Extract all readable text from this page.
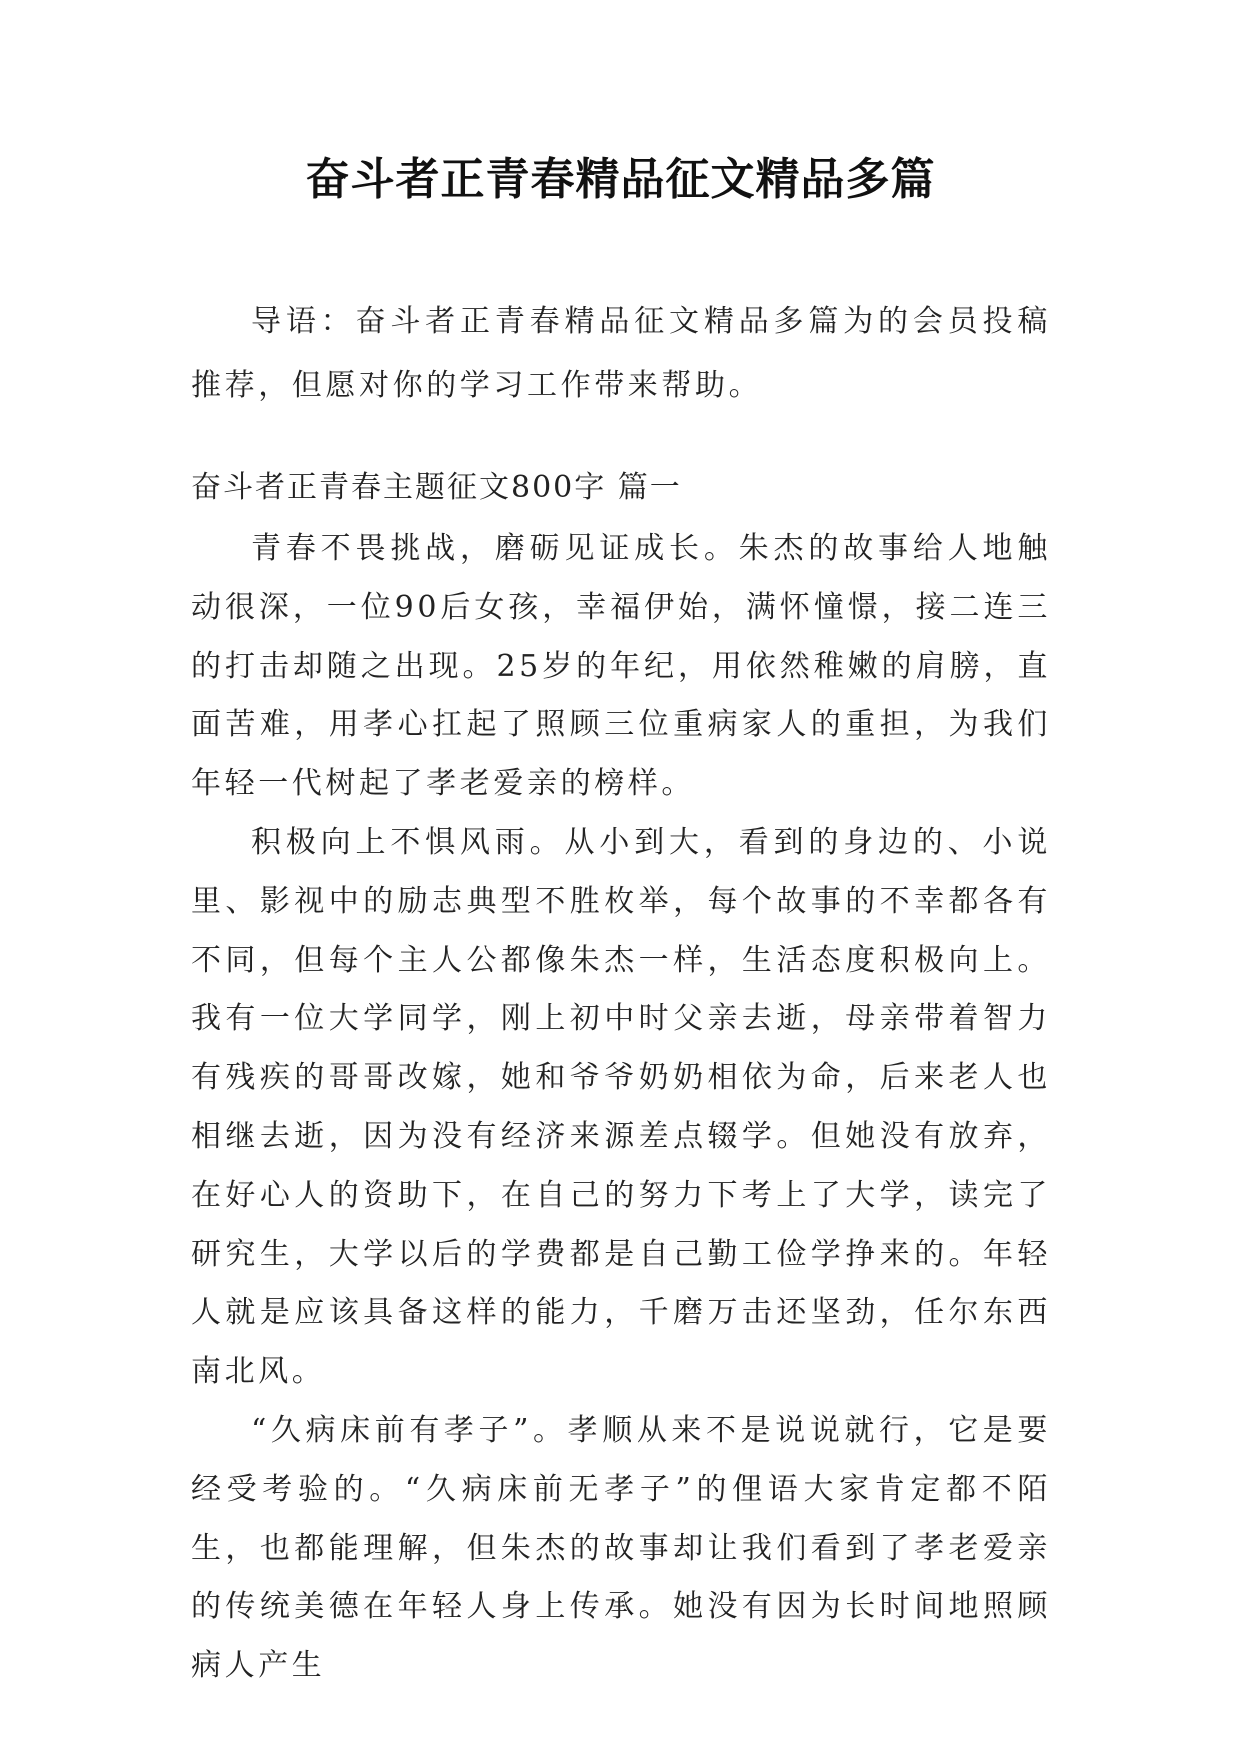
奋斗者正青春精品征文精品多篇

导语：奋斗者正青春精品征文精品多篇为的会员投稿推荐，但愿对你的学习工作带来帮助。

奋斗者正青春主题征文800字 篇一

青春不畏挑战，磨砺见证成长。朱杰的故事给人地触动很深，一位90后女孩，幸福伊始，满怀憧憬，接二连三的打击却随之出现。25岁的年纪，用依然稚嫩的肩膀，直面苦难，用孝心扛起了照顾三位重病家人的重担，为我们年轻一代树起了孝老爱亲的榜样。

积极向上不惧风雨。从小到大，看到的身边的、小说里、影视中的励志典型不胜枚举，每个故事的不幸都各有不同，但每个主人公都像朱杰一样，生活态度积极向上。我有一位大学同学，刚上初中时父亲去逝，母亲带着智力有残疾的哥哥改嫁，她和爷爷奶奶相依为命，后来老人也相继去逝，因为没有经济来源差点辍学。但她没有放弃，在好心人的资助下，在自己的努力下考上了大学，读完了研究生，大学以后的学费都是自己勤工俭学挣来的。年轻人就是应该具备这样的能力，千磨万击还坚劲，任尔东西南北风。

“久病床前有孝子”。孝顺从来不是说说就行，它是要经受考验的。“久病床前无孝子”的俚语大家肯定都不陌生，也都能理解，但朱杰的故事却让我们看到了孝老爱亲的传统美德在年轻人身上传承。她没有因为长时间地照顾病人产生
